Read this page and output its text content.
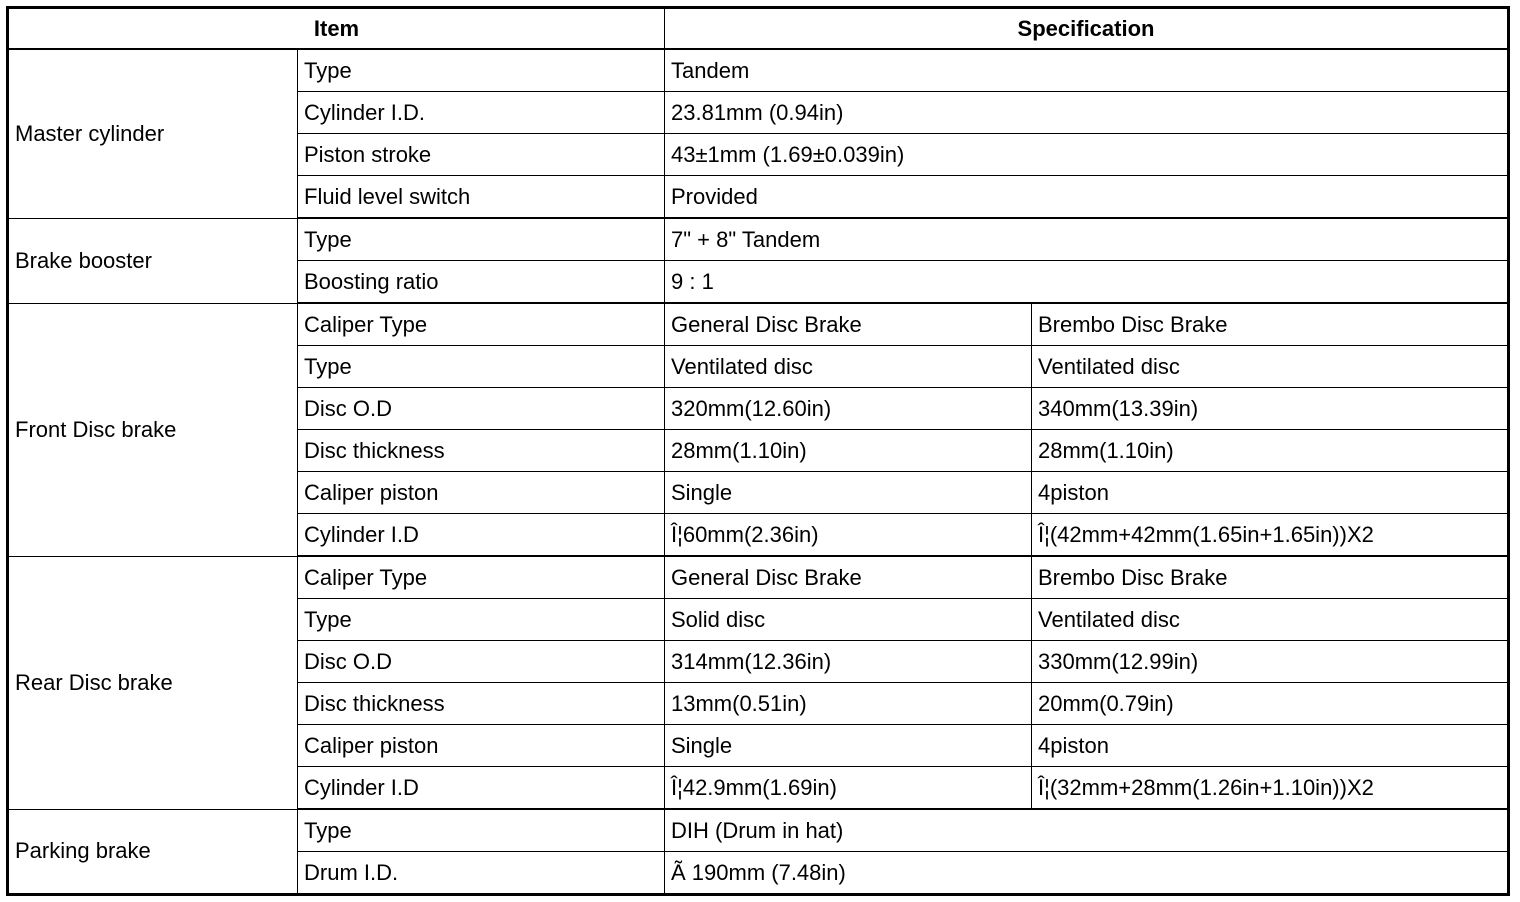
Item		Specification	
Master cylinder	Type	Tandem	
	Cylinder I.D.	23.81mm (0.94in)	
	Piston stroke	43±1mm (1.69±0.039in)	
	Fluid level switch	Provided	
Brake booster	Type	7" + 8" Tandem	
	Boosting ratio	9 : 1	
Front Disc brake	Caliper Type	General Disc Brake	Brembo Disc Brake
	Type	Ventilated disc	Ventilated disc
	Disc O.D	320mm(12.60in)	340mm(13.39in)
	Disc thickness	28mm(1.10in)	28mm(1.10in)
	Caliper piston	Single	4piston
	Cylinder I.D	Î¦60mm(2.36in)	Î¦(42mm+42mm(1.65in+1.65in))X2
Rear Disc brake	Caliper Type	General Disc Brake	Brembo Disc Brake
	Type	Solid disc	Ventilated disc
	Disc O.D	314mm(12.36in)	330mm(12.99in)
	Disc thickness	13mm(0.51in)	20mm(0.79in)
	Caliper piston	Single	4piston
	Cylinder I.D	Î¦42.9mm(1.69in)	Î¦(32mm+28mm(1.26in+1.10in))X2
Parking brake	Type	DIH (Drum in hat)	
	Drum I.D.	Ã 190mm (7.48in)	
